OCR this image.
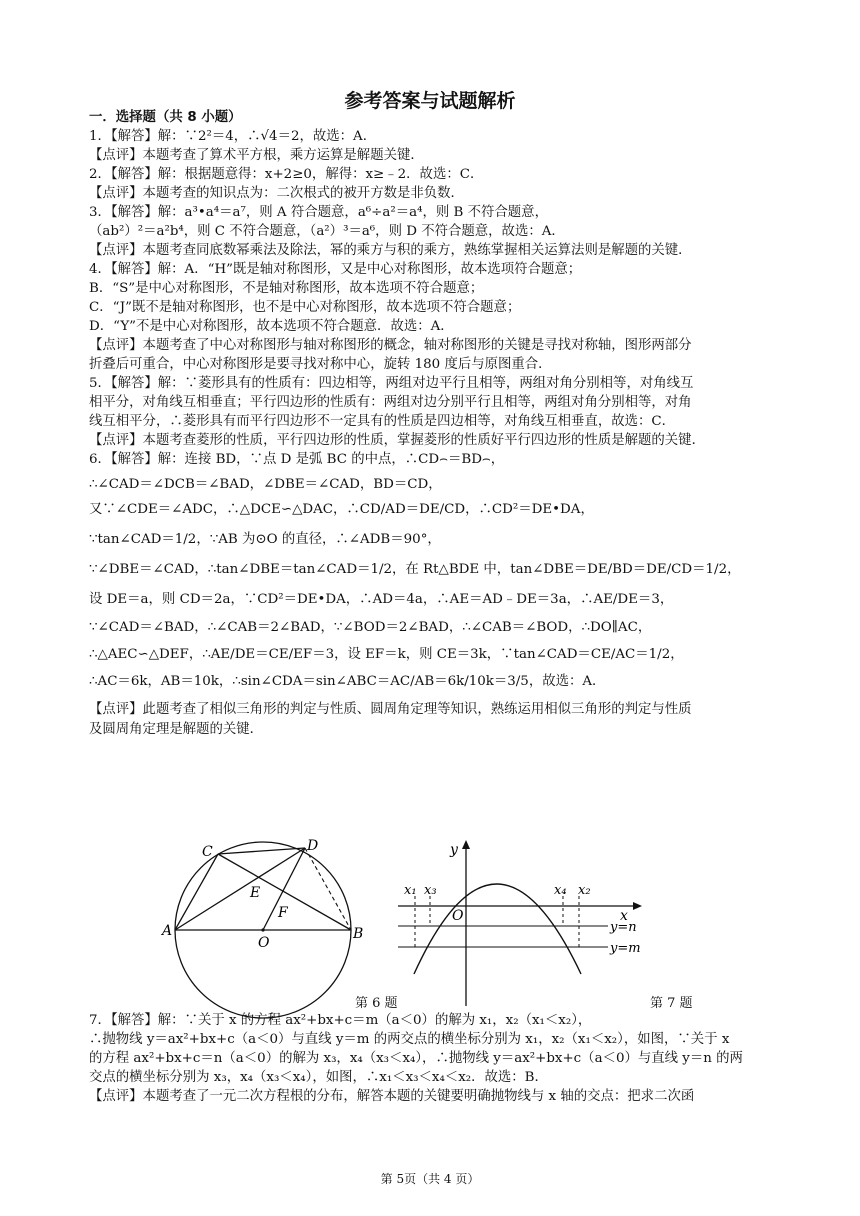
参考答案与试题解析
一．选择题（共 8 小题）
1．【解答】解：∵2²＝4，∴√4＝2，故选：A．
【点评】本题考查了算术平方根，乘方运算是解题关键．
2．【解答】解：根据题意得：x+2≥0，解得：x≥﹣2．故选：C．
【点评】本题考查的知识点为：二次根式的被开方数是非负数．
3．【解答】解：a³•a⁴＝a⁷，则 A 符合题意，a⁶÷a²＝a⁴，则 B 不符合题意，
（ab²）²＝a²b⁴，则 C 不符合题意，（a²）³＝a⁶，则 D 不符合题意，故选：A．
【点评】本题考查同底数幂乘法及除法，幂的乘方与积的乘方，熟练掌握相关运算法则是解题的关键．
4．【解答】解：A．“H”既是轴对称图形，又是中心对称图形，故本选项符合题意；
B．“S”是中心对称图形，不是轴对称图形，故本选项不符合题意；
C．“J”既不是轴对称图形，也不是中心对称图形，故本选项不符合题意；
D．“Y”不是中心对称图形，故本选项不符合题意．故选：A．
【点评】本题考查了中心对称图形与轴对称图形的概念，轴对称图形的关键是寻找对称轴，图形两部分
折叠后可重合，中心对称图形是要寻找对称中心，旋转 180 度后与原图重合．
5．【解答】解：∵菱形具有的性质有：四边相等，两组对边平行且相等，两组对角分别相等，对角线互
相平分，对角线互相垂直；平行四边形的性质有：两组对边分别平行且相等，两组对角分别相等，对角
线互相平分，∴菱形具有而平行四边形不一定具有的性质是四边相等，对角线互相垂直，故选：C．
【点评】本题考查菱形的性质，平行四边形的性质，掌握菱形的性质好平行四边形的性质是解题的关键．
6．【解答】解：连接 BD，∵点 D 是弧 BC 的中点，∴CD⌢＝BD⌢，
∴∠CAD＝∠DCB＝∠BAD，∠DBE＝∠CAD，BD＝CD，
又∵∠CDE＝∠ADC，∴△DCE∽△DAC，∴CD/AD＝DE/CD，∴CD²＝DE•DA，
∵tan∠CAD＝1/2，∵AB 为⊙O 的直径，∴∠ADB＝90°，
∵∠DBE＝∠CAD，∴tan∠DBE＝tan∠CAD＝1/2，在 Rt△BDE 中，tan∠DBE＝DE/BD＝DE/CD＝1/2，
设 DE＝a，则 CD＝2a，∵CD²＝DE•DA，∴AD＝4a，∴AE＝AD﹣DE＝3a，∴AE/DE＝3，
∵∠CAD＝∠BAD，∴∠CAB＝2∠BAD，∵∠BOD＝2∠BAD，∴∠CAB＝∠BOD，∴DO∥AC，
∴△AEC∽△DEF，∴AE/DE＝CE/EF＝3，设 EF＝k，则 CE＝3k，∵tan∠CAD＝CE/AC＝1/2，
∴AC＝6k，AB＝10k，∴sin∠CDA＝sin∠ABC＝AC/AB＝6k/10k＝3/5，故选：A．
【点评】此题考查了相似三角形的判定与性质、圆周角定理等知识，熟练运用相似三角形的判定与性质
及圆周角定理是解题的关键．
7．【解答】解：∵关于 x 的方程 ax²+bx+c＝m（a＜0）的解为 x₁，x₂（x₁＜x₂），
∴抛物线 y＝ax²+bx+c（a＜0）与直线 y＝m 的两交点的横坐标分别为 x₁，x₂（x₁＜x₂），如图，∵关于 x
的方程 ax²+bx+c＝n（a＜0）的解为 x₃，x₄（x₃＜x₄），∴抛物线 y＝ax²+bx+c（a＜0）与直线 y＝n 的两
交点的横坐标分别为 x₃，x₄（x₃＜x₄），如图，∴x₁＜x₃＜x₄＜x₂．故选：B．
【点评】本题考查了一元二次方程根的分布，解答本题的关键要明确抛物线与 x 轴的交点：把求二次函
C	D
E
F
A	B
O
第 6 题
y
x
O
x₁ x₃	x₄ x₂
y=n
y=m
第 7 题
第 5页（共 4 页）
